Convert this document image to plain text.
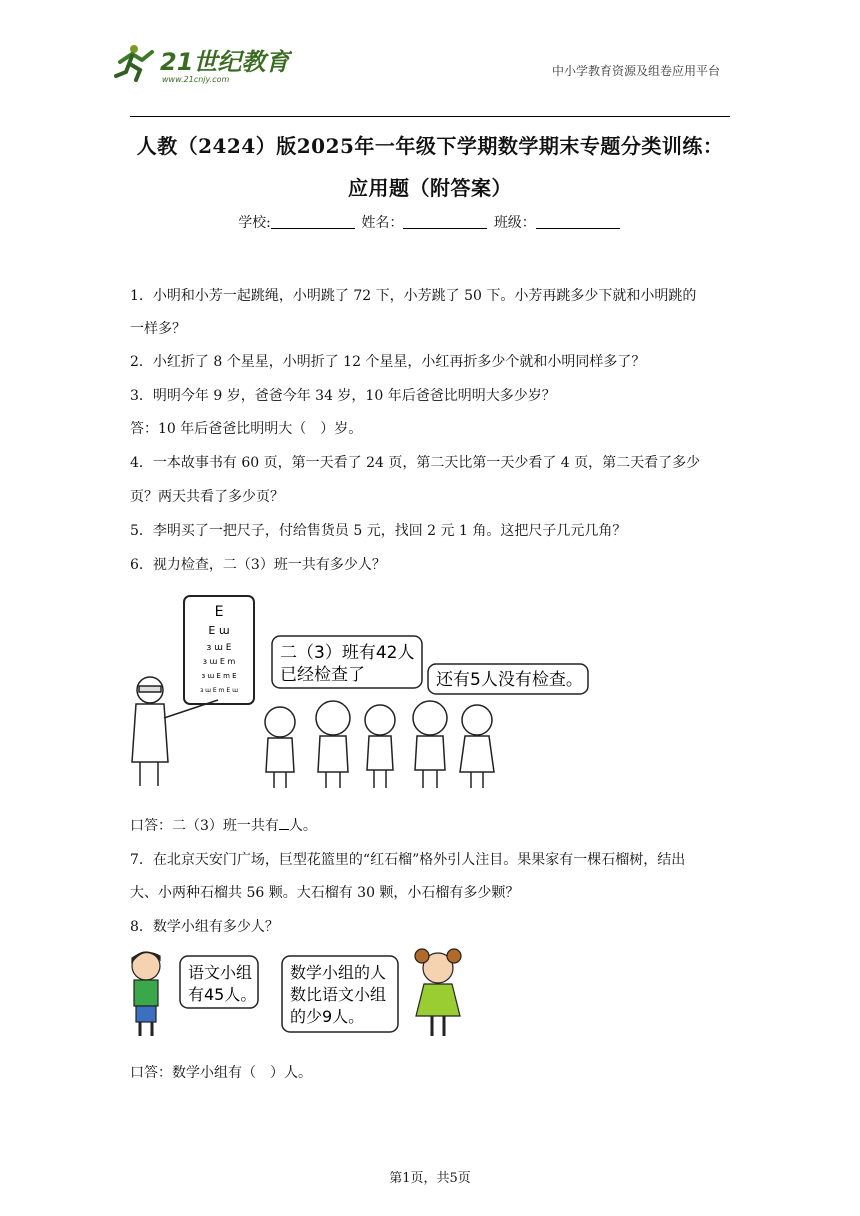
21世纪教育
www.21cnjy.com
中小学教育资源及组卷应用平台
人教（2424）版2025年一年级下学期数学期末专题分类训练：
应用题（附答案）
学校:	姓名：	班级：
1．小明和小芳一起跳绳，小明跳了 72 下，小芳跳了 50 下。小芳再跳多少下就和小明跳的
一样多？
2．小红折了 8 个星星，小明折了 12 个星星，小红再折多少个就和小明同样多了？
3．明明今年 9 岁，爸爸今年 34 岁，10 年后爸爸比明明大多少岁？
答：10 年后爸爸比明明大（　）岁。
4．一本故事书有 60 页，第一天看了 24 页，第二天比第一天少看了 4 页，第二天看了多少
页？两天共看了多少页？
5．李明买了一把尺子，付给售货员 5 元，找回 2 元 1 角。这把尺子几元几角？
6．视力检查，二（3）班一共有多少人？
E
E ɯ
ɜ ɯ E
ɜ ɯ E m
ɜ ɯ E m E
ɜ ɯ E m E ɯ
二（3）班有42人
已经检查了	还有5人没有检查。
口答：二（3）班一共有 人。
7．在北京天安门广场，巨型花篮里的“红石榴”格外引人注目。果果家有一棵石榴树，结出
大、小两种石榴共 56 颗。大石榴有 30 颗，小石榴有多少颗？
8．数学小组有多少人？
语文小组
有45人。
数学小组的人
数比语文小组
的少9人。
口答：数学小组有（　）人。
第1页，共5页
